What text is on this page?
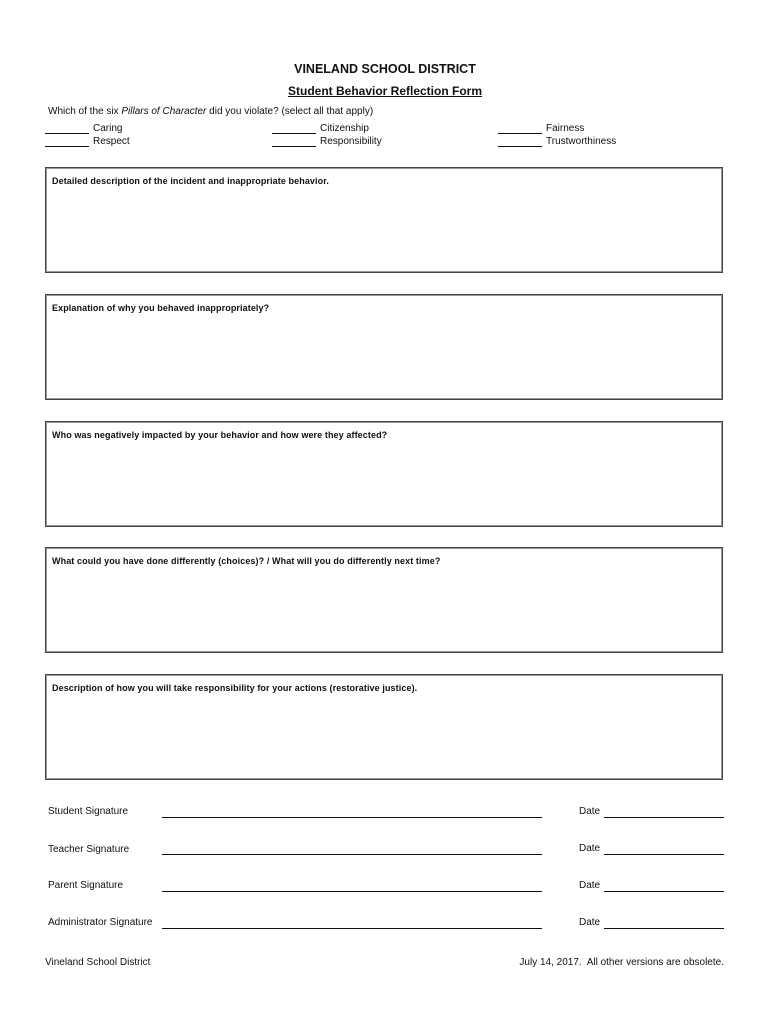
VINELAND SCHOOL DISTRICT
Student Behavior Reflection Form
Which of the six Pillars of Character did you violate? (select all that apply)
Caring
Respect
Citizenship
Responsibility
Fairness
Trustworthiness
Detailed description of the incident and inappropriate behavior.
Explanation of why you behaved inappropriately?
Who was negatively impacted by your behavior and how were they affected?
What could you have done differently (choices)? / What will you do differently next time?
Description of how you will take responsibility for your actions (restorative justice).
Student Signature	Date
Teacher Signature	Date
Parent Signature	Date
Administrator Signature	Date
Vineland School District	July 14, 2017.  All other versions are obsolete.
